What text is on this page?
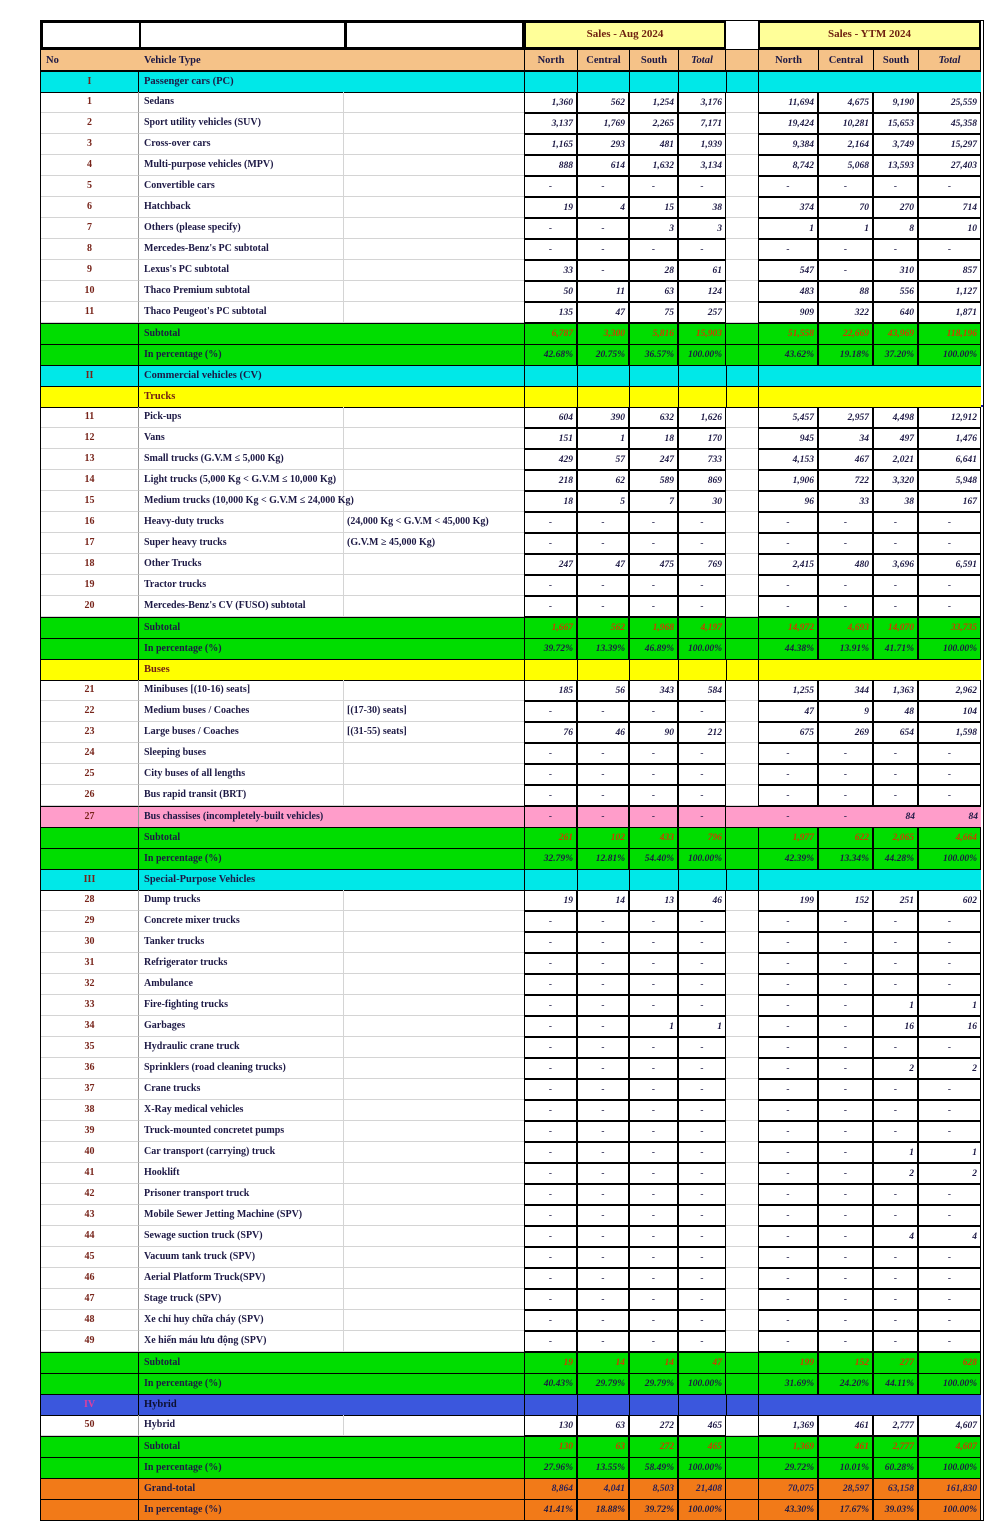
Sales - Aug 2024	Sales - YTM 2024
No	Vehicle Type	North	Central	South	Total	North	Central	South	Total
I	Passenger cars (PC)
1	Sedans	1,360	562	1,254	3,176	11,694	4,675	9,190	25,559
2	Sport utility vehicles (SUV)	3,137	1,769	2,265	7,171	19,424	10,281	15,653	45,358
3	Cross-over cars	1,165	293	481	1,939	9,384	2,164	3,749	15,297
4	Multi-purpose vehicles (MPV)	888	614	1,632	3,134	8,742	5,068	13,593	27,403
5	Convertible cars	-	-	-	-	-	-	-	-
6	Hatchback	19	4	15	38	374	70	270	714
7	Others (please specify)	-	-	3	3	1	1	8	10
8	Mercedes-Benz's PC subtotal	-	-	-	-	-	-	-	-
9	Lexus's PC subtotal	33	-	28	61	547	-	310	857
10	Thaco Premium subtotal	50	11	63	124	483	88	556	1,127
11	Thaco Peugeot's PC subtotal	135	47	75	257	909	322	640	1,871
Subtotal	6,787	3,300	5,816	15,903	51,558	22,669	43,969	118,196
In percentage (%)	42.68%	20.75%	36.57%	100.00%	43.62%	19.18%	37.20%	100.00%
II	Commercial vehicles (CV)
Trucks
11	Pick-ups	604	390	632	1,626	5,457	2,957	4,498	12,912
12	Vans	151	1	18	170	945	34	497	1,476
13	Small trucks (G.V.M ≤ 5,000 Kg)	429	57	247	733	4,153	467	2,021	6,641
14	Light trucks (5,000 Kg < G.V.M ≤ 10,000 Kg)	218	62	589	869	1,906	722	3,320	5,948
15	Medium trucks (10,000 Kg < G.V.M ≤ 24,000 Kg)	18	5	7	30	96	33	38	167
16	Heavy-duty trucks	(24,000 Kg < G.V.M < 45,000 Kg)	-	-	-	-	-	-	-	-
17	Super heavy trucks	(G.V.M ≥ 45,000 Kg)	-	-	-	-	-	-	-	-
18	Other Trucks	247	47	475	769	2,415	480	3,696	6,591
19	Tractor trucks	-	-	-	-	-	-	-	-
20	Mercedes-Benz's CV (FUSO) subtotal	-	-	-	-	-	-	-	-
Subtotal	1,667	562	1,968	4,197	14,972	4,693	14,070	33,735
In percentage (%)	39.72%	13.39%	46.89%	100.00%	44.38%	13.91%	41.71%	100.00%
Buses
21	Minibuses [(10-16) seats]	185	56	343	584	1,255	344	1,363	2,962
22	Medium buses / Coaches	[(17-30) seats]	-	-	-	-	47	9	48	104
23	Large buses / Coaches	[(31-55) seats]	76	46	90	212	675	269	654	1,598
24	Sleeping buses	-	-	-	-	-	-	-	-
25	City buses of all lengths	-	-	-	-	-	-	-	-
26	Bus rapid transit (BRT)	-	-	-	-	-	-	-	-
27	Bus chassises (incompletely-built vehicles)	-	-	-	-	-	-	84	84
Subtotal	261	102	433	796	1,977	622	2,065	4,664
In percentage (%)	32.79%	12.81%	54.40%	100.00%	42.39%	13.34%	44.28%	100.00%
III	Special-Purpose Vehicles
28	Dump trucks	19	14	13	46	199	152	251	602
29	Concrete mixer trucks	-	-	-	-	-	-	-	-
30	Tanker trucks	-	-	-	-	-	-	-	-
31	Refrigerator trucks	-	-	-	-	-	-	-	-
32	Ambulance	-	-	-	-	-	-	-	-
33	Fire-fighting trucks	-	-	-	-	-	-	1	1
34	Garbages	-	-	1	1	-	-	16	16
35	Hydraulic crane truck	-	-	-	-	-	-	-	-
36	Sprinklers (road cleaning trucks)	-	-	-	-	-	-	2	2
37	Crane trucks	-	-	-	-	-	-	-	-
38	X-Ray medical vehicles	-	-	-	-	-	-	-	-
39	Truck-mounted concretet pumps	-	-	-	-	-	-	-	-
40	Car transport (carrying) truck	-	-	-	-	-	-	1	1
41	Hooklift	-	-	-	-	-	-	2	2
42	Prisoner transport truck	-	-	-	-	-	-	-	-
43	Mobile Sewer Jetting Machine (SPV)	-	-	-	-	-	-	-	-
44	Sewage suction truck (SPV)	-	-	-	-	-	-	4	4
45	Vacuum tank truck (SPV)	-	-	-	-	-	-	-	-
46	Aerial Platform Truck(SPV)	-	-	-	-	-	-	-	-
47	Stage truck (SPV)	-	-	-	-	-	-	-	-
48	Xe chỉ huy chữa cháy (SPV)	-	-	-	-	-	-	-	-
49	Xe hiến máu lưu động (SPV)	-	-	-	-	-	-	-	-
Subtotal	19	14	14	47	199	152	277	628
In percentage (%)	40.43%	29.79%	29.79%	100.00%	31.69%	24.20%	44.11%	100.00%
IV	Hybrid
50	Hybrid	130	63	272	465	1,369	461	2,777	4,607
Subtotal	130	63	272	465	1,369	461	2,777	4,607
In percentage (%)	27.96%	13.55%	58.49%	100.00%	29.72%	10.01%	60.28%	100.00%
Grand-total	8,864	4,041	8,503	21,408	70,075	28,597	63,158	161,830
In percentage (%)	41.41%	18.88%	39.72%	100.00%	43.30%	17.67%	39.03%	100.00%
